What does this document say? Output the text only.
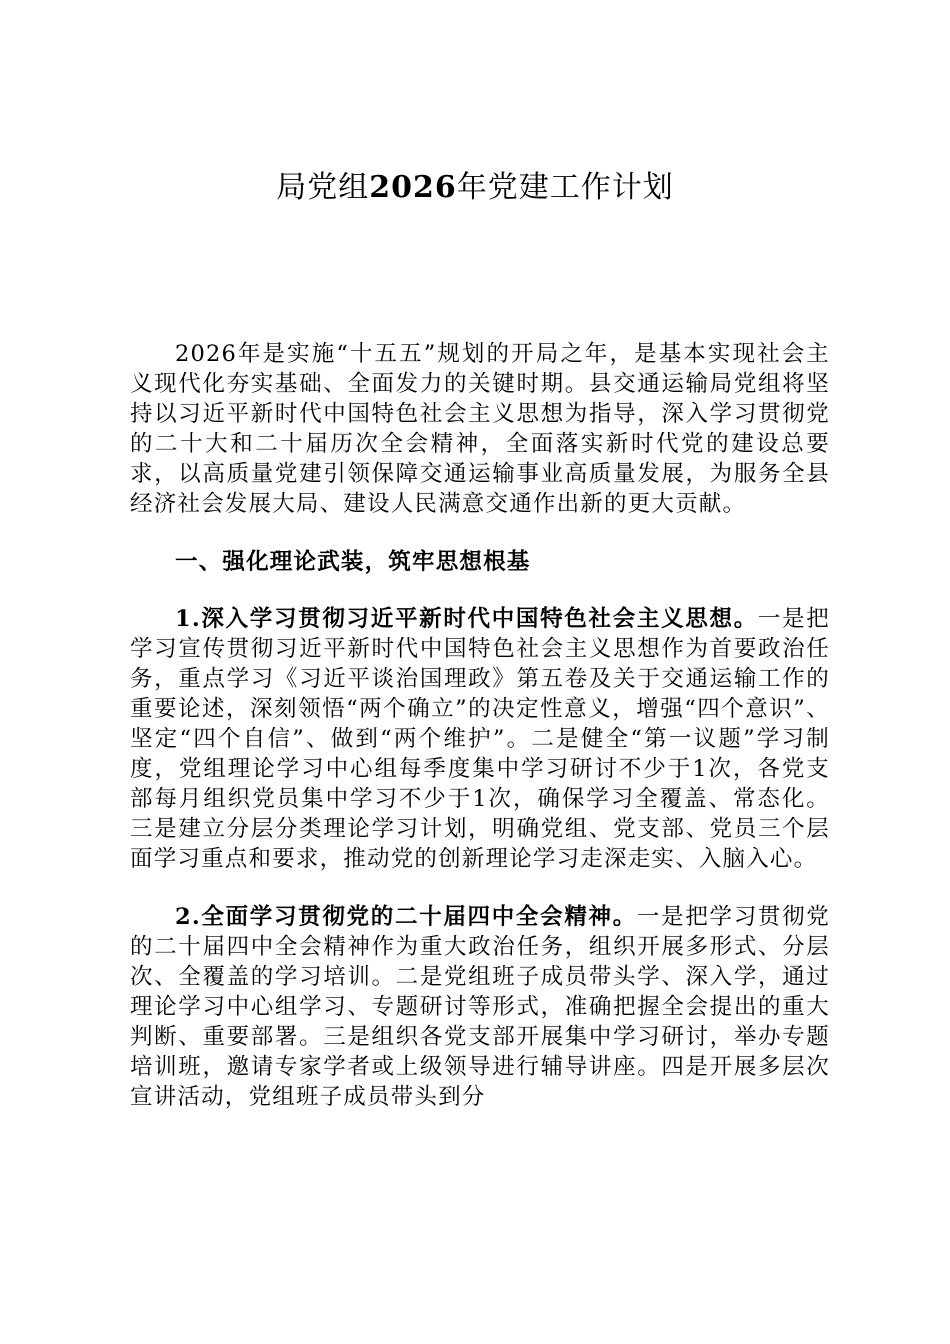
局党组2026年党建工作计划

2026年是实施“十五五”规划的开局之年，是基本实现社会主义现代化夯实基础、全面发力的关键时期。县交通运输局党组将坚持以习近平新时代中国特色社会主义思想为指导，深入学习贯彻党的二十大和二十届历次全会精神，全面落实新时代党的建设总要求，以高质量党建引领保障交通运输事业高质量发展，为服务全县经济社会发展大局、建设人民满意交通作出新的更大贡献。

一、强化理论武装，筑牢思想根基

1.深入学习贯彻习近平新时代中国特色社会主义思想。一是把学习宣传贯彻习近平新时代中国特色社会主义思想作为首要政治任务，重点学习《习近平谈治国理政》第五卷及关于交通运输工作的重要论述，深刻领悟“两个确立”的决定性意义，增强“四个意识”、坚定“四个自信”、做到“两个维护”。二是健全“第一议题”学习制度，党组理论学习中心组每季度集中学习研讨不少于1次，各党支部每月组织党员集中学习不少于1次，确保学习全覆盖、常态化。三是建立分层分类理论学习计划，明确党组、党支部、党员三个层面学习重点和要求，推动党的创新理论学习走深走实、入脑入心。

2.全面学习贯彻党的二十届四中全会精神。一是把学习贯彻党的二十届四中全会精神作为重大政治任务，组织开展多形式、分层次、全覆盖的学习培训。二是党组班子成员带头学、深入学，通过理论学习中心组学习、专题研讨等形式，准确把握全会提出的重大判断、重要部署。三是组织各党支部开展集中学习研讨，举办专题培训班，邀请专家学者或上级领导进行辅导讲座。四是开展多层次宣讲活动，党组班子成员带头到分
